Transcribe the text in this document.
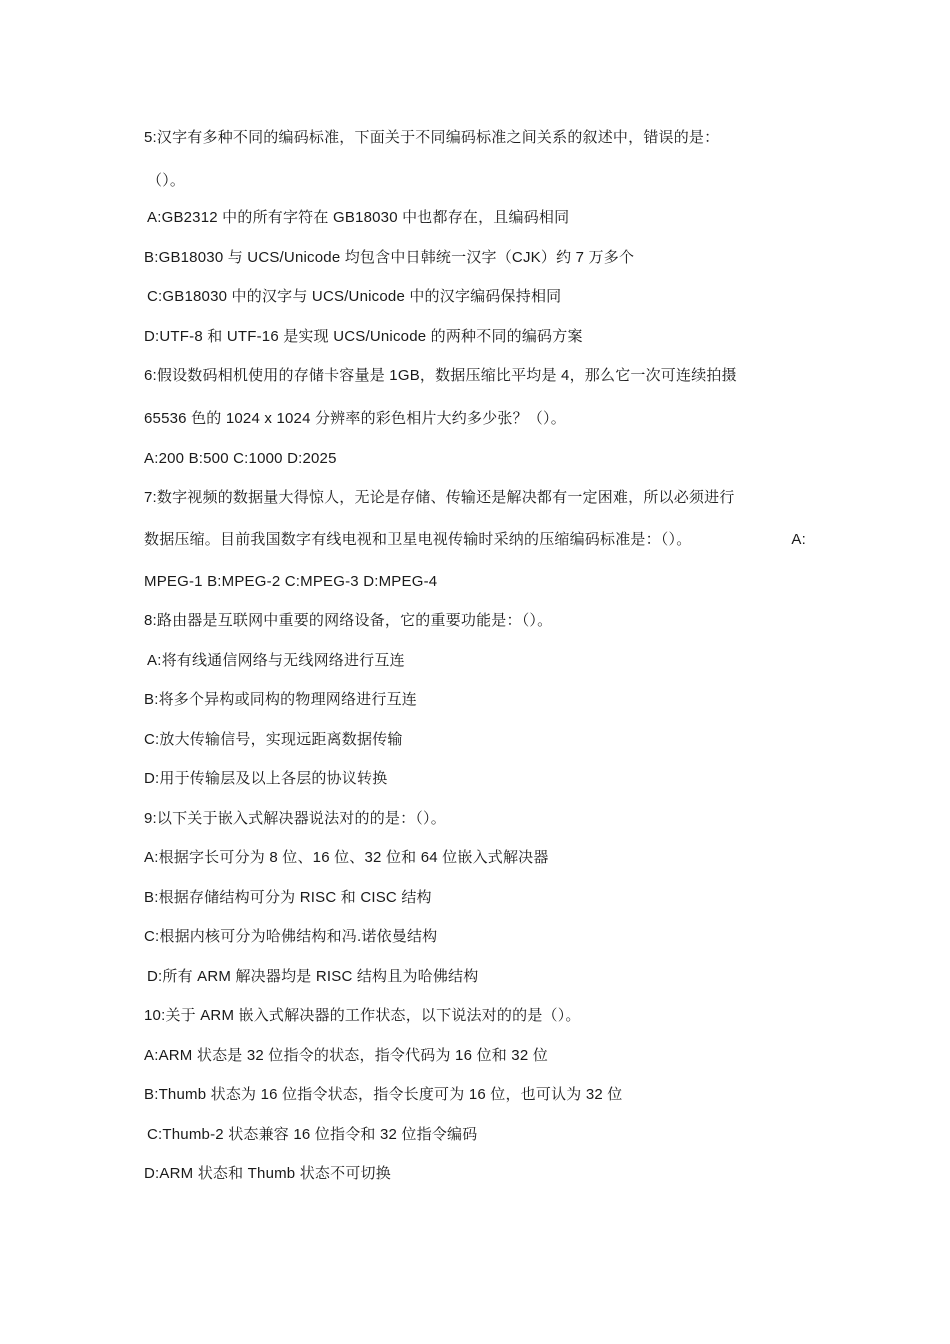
5:汉字有多种不同的编码标准，下面关于不同编码标准之间关系的叙述中，错误的是：
（）。
A:GB2312 中的所有字符在 GB18030 中也都存在，且编码相同
B:GB18030 与 UCS/Unicode 均包含中日韩统一汉字（CJK）约 7 万多个
C:GB18030 中的汉字与 UCS/Unicode 中的汉字编码保持相同
D:UTF-8 和 UTF-16 是实现 UCS/Unicode 的两种不同的编码方案
6:假设数码相机使用的存储卡容量是 1GB，数据压缩比平均是 4，那么它一次可连续拍摄
65536 色的 1024 x 1024 分辨率的彩色相片大约多少张？（）。
A:200 B:500 C:1000 D:2025
7:数字视频的数据量大得惊人，无论是存储、传输还是解决都有一定困难，所以必须进行
数据压缩。目前我国数字有线电视和卫星电视传输时采纳的压缩编码标准是：（）。	A:
MPEG-1 B:MPEG-2 C:MPEG-3 D:MPEG-4
8:路由器是互联网中重要的网络设备，它的重要功能是：（）。
A:将有线通信网络与无线网络进行互连
B:将多个异构或同构的物理网络进行互连
C:放大传输信号，实现远距离数据传输
D:用于传输层及以上各层的协议转换
9:以下关于嵌入式解决器说法对的的是：（）。
A:根据字长可分为 8 位、16 位、32 位和 64 位嵌入式解决器
B:根据存储结构可分为 RISC 和 CISC 结构
C:根据内核可分为哈佛结构和冯.诺依曼结构
D:所有 ARM 解决器均是 RISC 结构且为哈佛结构
10:关于 ARM 嵌入式解决器的工作状态，以下说法对的的是（）。
A:ARM 状态是 32 位指令的状态，指令代码为 16 位和 32 位
B:Thumb 状态为 16 位指令状态，指令长度可为 16 位，也可认为 32 位
C:Thumb-2 状态兼容 16 位指令和 32 位指令编码
D:ARM 状态和 Thumb 状态不可切换
